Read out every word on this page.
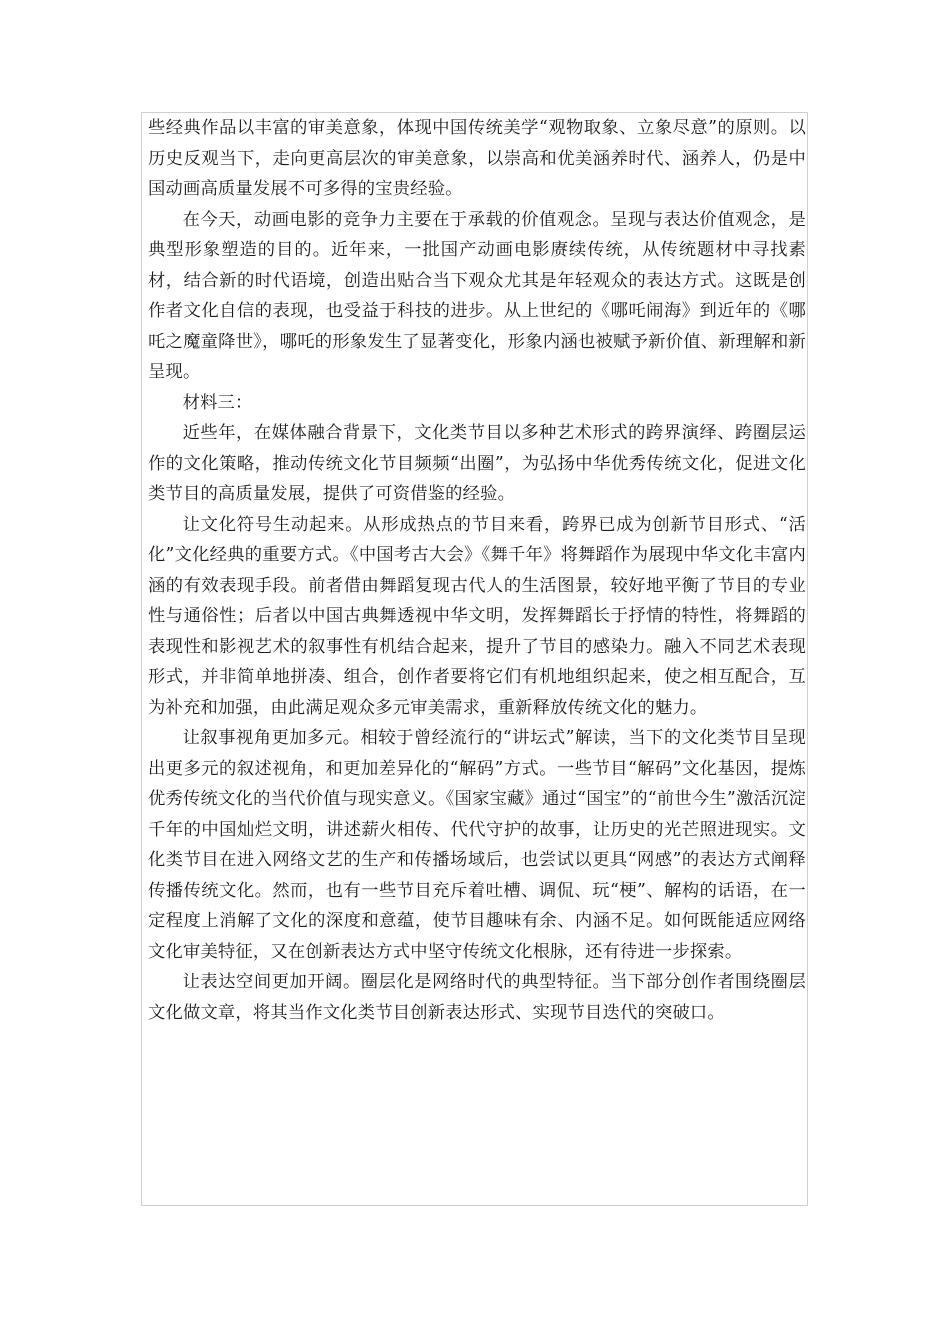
些经典作品以丰富的审美意象，体现中国传统美学“观物取象、立象尽意”的原则。以历史反观当下，走向更高层次的审美意象，以崇高和优美涵养时代、涵养人，仍是中国动画高质量发展不可多得的宝贵经验。

在今天，动画电影的竞争力主要在于承载的价值观念。呈现与表达价值观念，是典型形象塑造的目的。近年来，一批国产动画电影赓续传统，从传统题材中寻找素材，结合新的时代语境，创造出贴合当下观众尤其是年轻观众的表达方式。这既是创作者文化自信的表现，也受益于科技的进步。从上世纪的《哪吒闹海》到近年的《哪吒之魔童降世》，哪吒的形象发生了显著变化，形象内涵也被赋予新价值、新理解和新呈现。

材料三：

近些年，在媒体融合背景下，文化类节目以多种艺术形式的跨界演绎、跨圈层运作的文化策略，推动传统文化节目频频“出圈”，为弘扬中华优秀传统文化，促进文化类节目的高质量发展，提供了可资借鉴的经验。

让文化符号生动起来。从形成热点的节目来看，跨界已成为创新节目形式、“活化”文化经典的重要方式。《中国考古大会》《舞千年》将舞蹈作为展现中华文化丰富内涵的有效表现手段。前者借由舞蹈复现古代人的生活图景，较好地平衡了节目的专业性与通俗性；后者以中国古典舞透视中华文明，发挥舞蹈长于抒情的特性，将舞蹈的表现性和影视艺术的叙事性有机结合起来，提升了节目的感染力。融入不同艺术表现形式，并非简单地拼凑、组合，创作者要将它们有机地组织起来，使之相互配合，互为补充和加强，由此满足观众多元审美需求，重新释放传统文化的魅力。

让叙事视角更加多元。相较于曾经流行的“讲坛式”解读，当下的文化类节目呈现出更多元的叙述视角，和更加差异化的“解码”方式。一些节目“解码”文化基因，提炼优秀传统文化的当代价值与现实意义。《国家宝藏》通过“国宝”的“前世今生”激活沉淀千年的中国灿烂文明，讲述薪火相传、代代守护的故事，让历史的光芒照进现实。文化类节目在进入网络文艺的生产和传播场域后，也尝试以更具“网感”的表达方式阐释传播传统文化。然而，也有一些节目充斥着吐槽、调侃、玩“梗”、解构的话语，在一定程度上消解了文化的深度和意蕴，使节目趣味有余、内涵不足。如何既能适应网络文化审美特征，又在创新表达方式中坚守传统文化根脉，还有待进一步探索。

让表达空间更加开阔。圈层化是网络时代的典型特征。当下部分创作者围绕圈层文化做文章，将其当作文化类节目创新表达形式、实现节目迭代的突破口。
